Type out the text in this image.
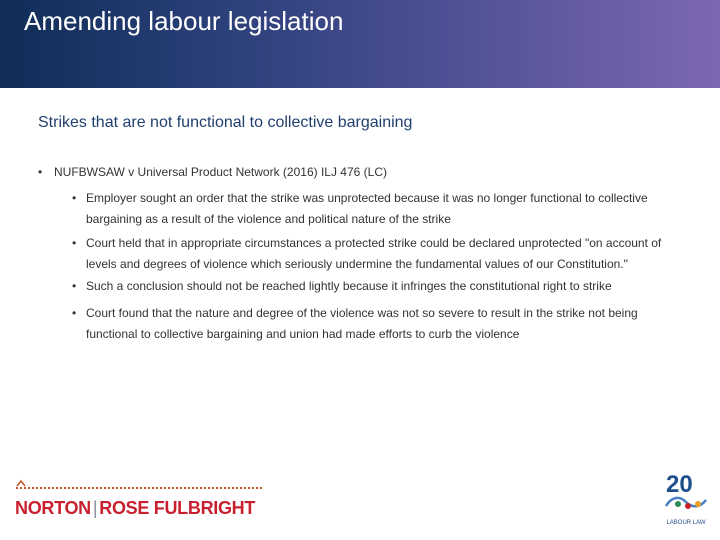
Amending labour legislation
Strikes that are not functional to collective bargaining
• NUFBWSAW v Universal Product Network (2016) ILJ 476 (LC)
• Employer sought an order that the strike was unprotected because it was no longer functional to collective bargaining as a result of the violence and political nature of the strike
• Court held that in appropriate circumstances a protected strike could be declared unprotected "on account of levels and degrees of violence which seriously undermine the fundamental values of our Constitution."
• Such a conclusion should not be reached lightly because it infringes the constitutional right to strike
• Court found that the nature and degree of the violence was not so severe to result in the strike not being functional to collective bargaining and union had made efforts to curb the violence
NORTON | ROSE FULBRIGHT
20
LABOUR LAW
